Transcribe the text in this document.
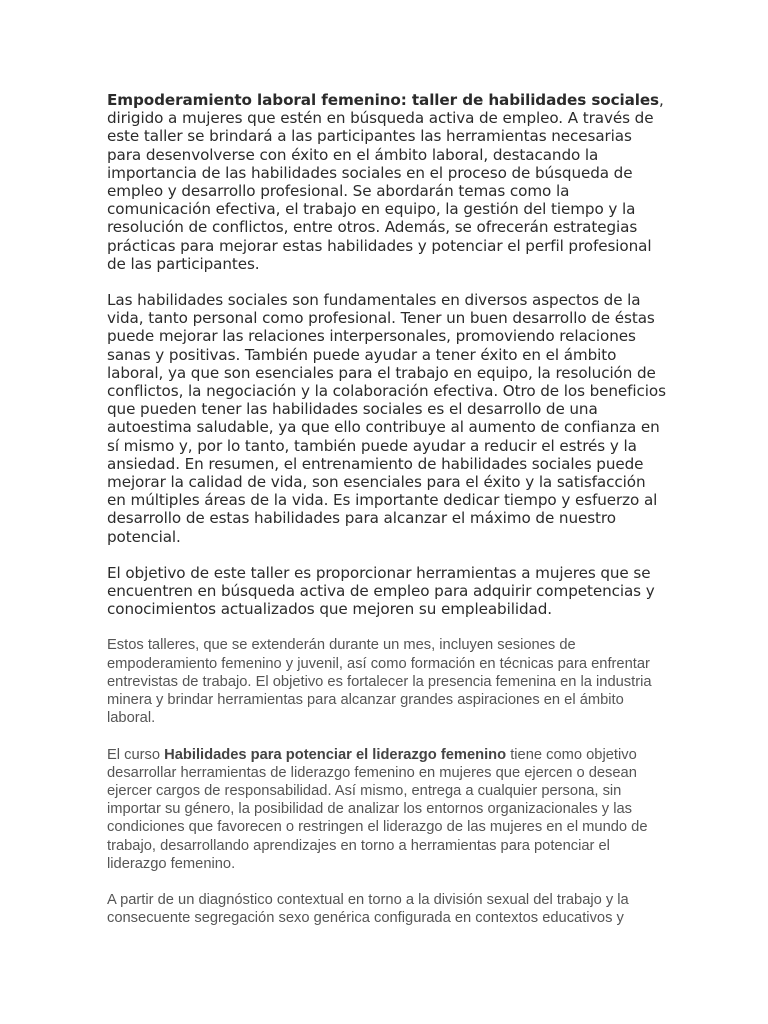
Empoderamiento laboral femenino: taller de habilidades sociales, dirigido a mujeres que estén en búsqueda activa de empleo. A través de este taller se brindará a las participantes las herramientas necesarias para desenvolverse con éxito en el ámbito laboral, destacando la importancia de las habilidades sociales en el proceso de búsqueda de empleo y desarrollo profesional. Se abordarán temas como la comunicación efectiva, el trabajo en equipo, la gestión del tiempo y la resolución de conflictos, entre otros. Además, se ofrecerán estrategias prácticas para mejorar estas habilidades y potenciar el perfil profesional de las participantes.

Las habilidades sociales son fundamentales en diversos aspectos de la vida, tanto personal como profesional. Tener un buen desarrollo de éstas puede mejorar las relaciones interpersonales, promoviendo relaciones sanas y positivas. También puede ayudar a tener éxito en el ámbito laboral, ya que son esenciales para el trabajo en equipo, la resolución de conflictos, la negociación y la colaboración efectiva. Otro de los beneficios que pueden tener las habilidades sociales es el desarrollo de una autoestima saludable, ya que ello contribuye al aumento de confianza en sí mismo y, por lo tanto, también puede ayudar a reducir el estrés y la ansiedad. En resumen, el entrenamiento de habilidades sociales puede mejorar la calidad de vida, son esenciales para el éxito y la satisfacción en múltiples áreas de la vida. Es importante dedicar tiempo y esfuerzo al desarrollo de estas habilidades para alcanzar el máximo de nuestro potencial.

El objetivo de este taller es proporcionar herramientas a mujeres que se encuentren en búsqueda activa de empleo para adquirir competencias y conocimientos actualizados que mejoren su empleabilidad.

Estos talleres, que se extenderán durante un mes, incluyen sesiones de empoderamiento femenino y juvenil, así como formación en técnicas para enfrentar entrevistas de trabajo. El objetivo es fortalecer la presencia femenina en la industria minera y brindar herramientas para alcanzar grandes aspiraciones en el ámbito laboral.

El curso Habilidades para potenciar el liderazgo femenino tiene como objetivo desarrollar herramientas de liderazgo femenino en mujeres que ejercen o desean ejercer cargos de responsabilidad. Así mismo, entrega a cualquier persona, sin importar su género, la posibilidad de analizar los entornos organizacionales y las condiciones que favorecen o restringen el liderazgo de las mujeres en el mundo de trabajo, desarrollando aprendizajes en torno a herramientas para potenciar el liderazgo femenino.

A partir de un diagnóstico contextual en torno a la división sexual del trabajo y la consecuente segregación sexo genérica configurada en contextos educativos y
